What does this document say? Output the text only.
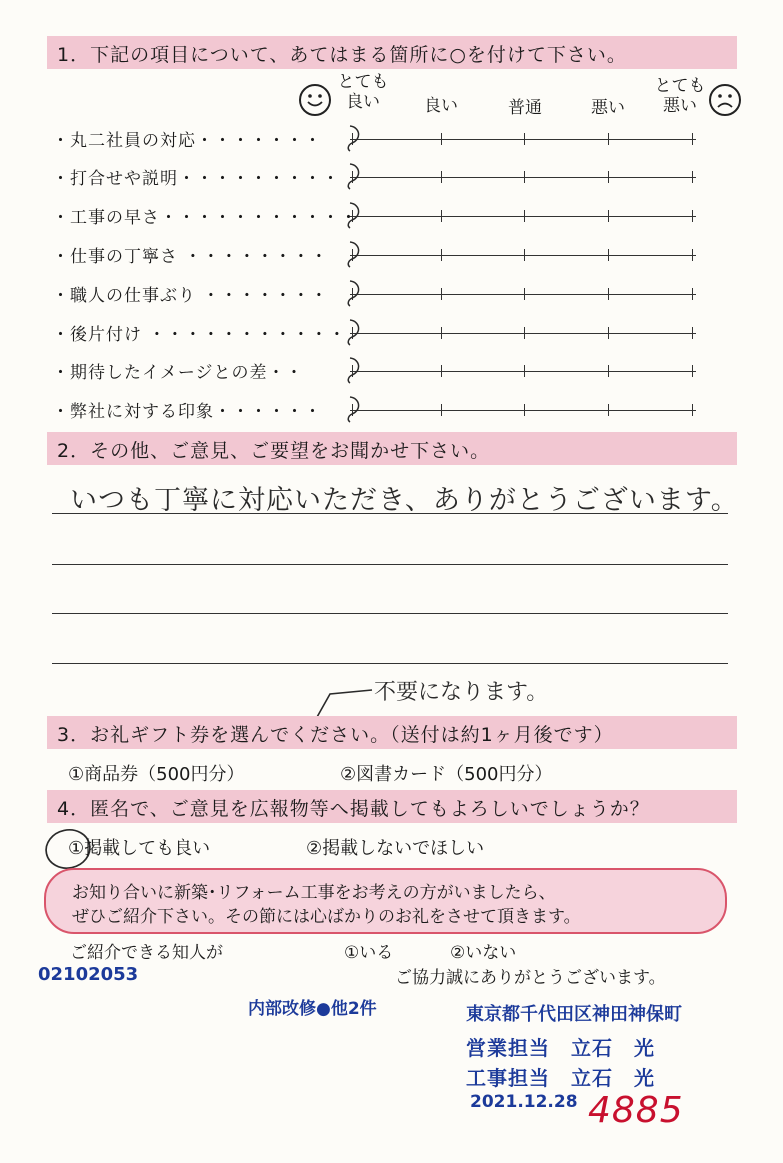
1．下記の項目について、あてはまる箇所に○を付けて下さい。
とても
良い	良い	普通	悪い
とても
悪い
・丸二社員の対応・・・・・・・
・打合せや説明・・・・・・・・・
・工事の早さ・・・・・・・・・・・
・仕事の丁寧さ ・・・・・・・・
・職人の仕事ぶり ・・・・・・・
・後片付け ・・・・・・・・・・・
・期待したイメージとの差・・
・弊社に対する印象・・・・・・
2．その他、ご意見、ご要望をお聞かせ下さい。
いつも丁寧に対応いただき、ありがとうございます。
不要になります。
3．お礼ギフト券を選んでください。（送付は約1ヶ月後です）
①商品券（500円分）	②図書カード（500円分）
4．匿名で、ご意見を広報物等へ掲載してもよろしいでしょうか？
①掲載しても良い	②掲載しないでほしい
お知り合いに新築･リフォーム工事をお考えの方がいましたら、
ぜひご紹介下さい。その節には心ばかりのお礼をさせて頂きます。
ご紹介できる知人が	①いる	②いない
ご協力誠にありがとうございます。
02102053
内部改修●他2件	東京都千代田区神田神保町
営業担当　立石　光
工事担当　立石　光
2021.12.28 4885
